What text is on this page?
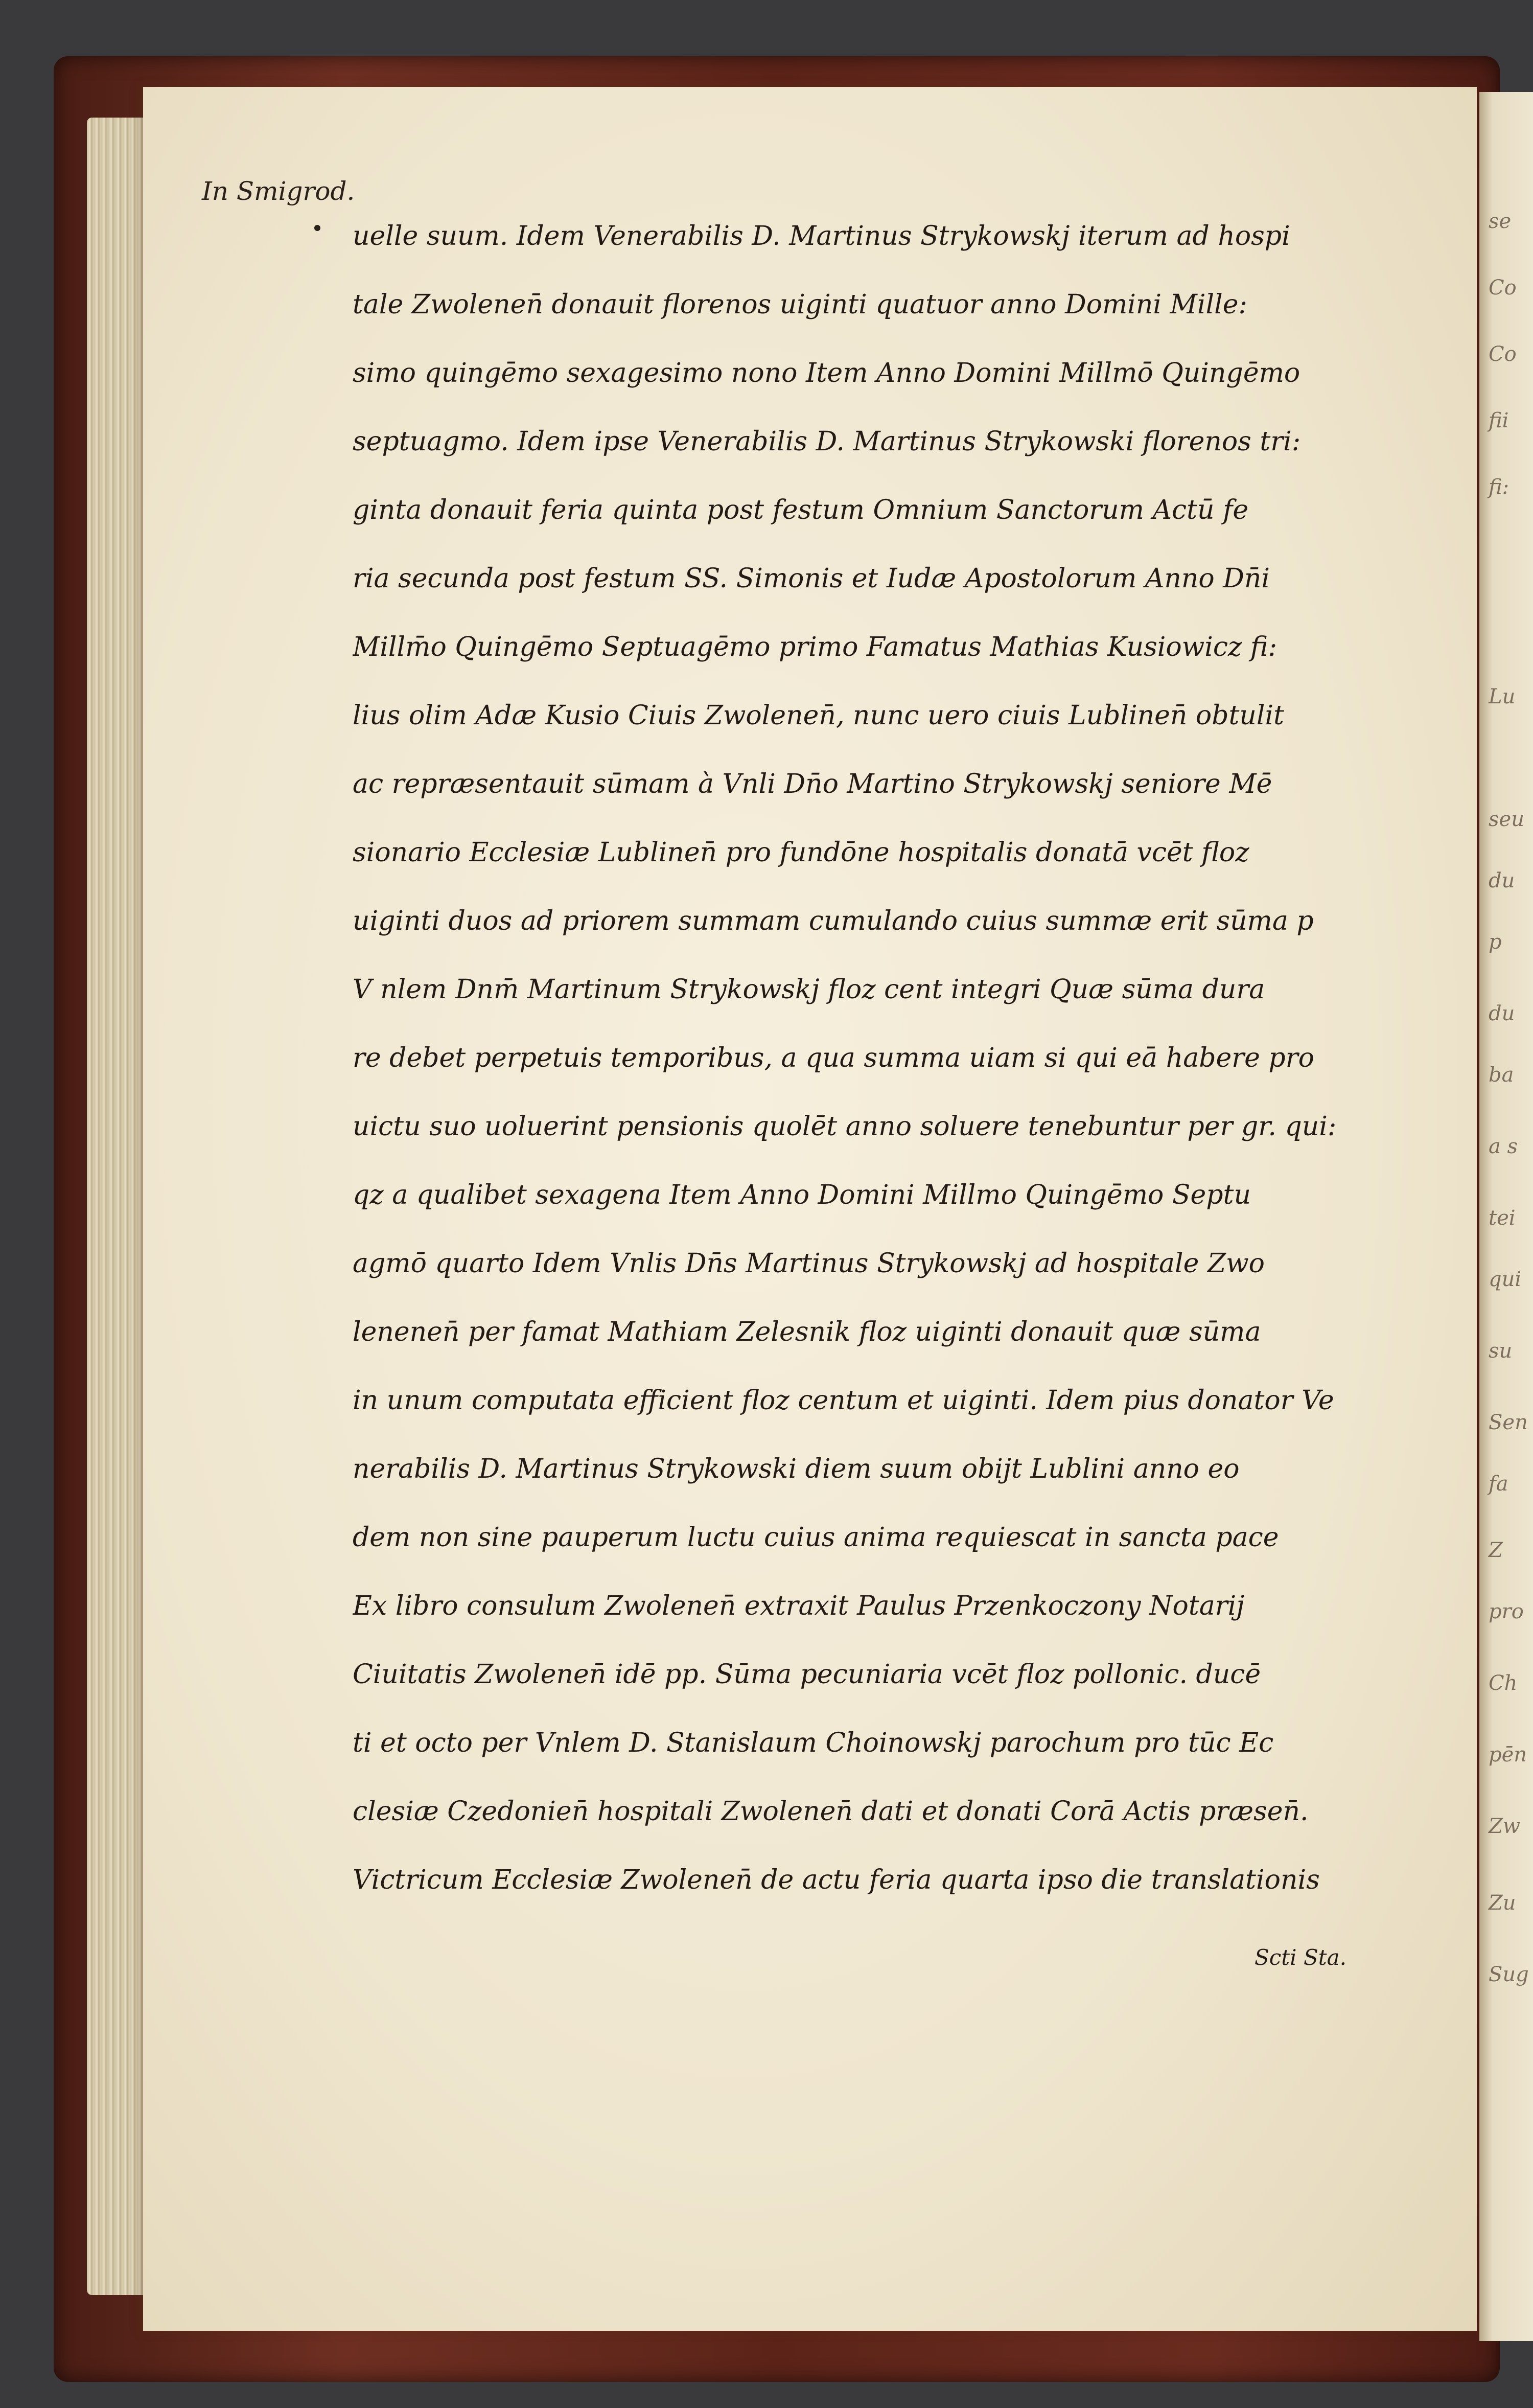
In Smigrod.
uelle suum. Idem Venerabilis D. Martinus Strykowskj iterum ad hospi
tale Zwolenen̄ donauit florenos uiginti quatuor anno Domini Mille:
simo quingēmo sexagesimo nono Item Anno Domini Millmō Quingēmo
septuagmo. Idem ipse Venerabilis D. Martinus Strykowski florenos tri:
ginta donauit feria quinta post festum Omnium Sanctorum Actū fe
ria secunda post festum SS. Simonis et Iudæ Apostolorum Anno Dn̄i
Millm̄o Quingēmo Septuagēmo primo Famatus Mathias Kusiowicz fi:
lius olim Adæ Kusio Ciuis Zwolenen̄, nunc uero ciuis Lublinen̄ obtulit
ac repræsentauit sūmam à Vnli Dn̄o Martino Strykowskj seniore Mē
sionario Ecclesiæ Lublinen̄ pro fundōne hospitalis donatā vcēt floz
uiginti duos ad priorem summam cumulando cuius summæ erit sūma p
V nlem Dnm̄ Martinum Strykowskj floz cent integri Quæ sūma dura
re debet perpetuis temporibus, a qua summa uiam si qui eā habere pro
uictu suo uoluerint pensionis quolēt anno soluere tenebuntur per gr. qui:
qz a qualibet sexagena Item Anno Domini Millmo Quingēmo Septu
agmō quarto Idem Vnlis Dn̄s Martinus Strykowskj ad hospitale Zwo
lenenen̄ per famat Mathiam Zelesnik floz uiginti donauit quæ sūma
in unum computata efficient floz centum et uiginti. Idem pius donator Ve
nerabilis D. Martinus Strykowski diem suum obijt Lublini anno eo
dem non sine pauperum luctu cuius anima requiescat in sancta pace
Ex libro consulum Zwolenen̄ extraxit Paulus Przenkoczony Notarij
Ciuitatis Zwolenen̄ idē pp. Sūma pecuniaria vcēt floz pollonic. ducē
ti et octo per Vnlem D. Stanislaum Choinowskj parochum pro tūc Ec
clesiæ Czedonien̄ hospitali Zwolenen̄ dati et donati Corā Actis præsen̄.
Victricum Ecclesiæ Zwolenen̄ de actu feria quarta ipso die translationis
Scti Sta.
se
Co
Co
fii
fi:
Lu
seu
du
p
du
ba
a s
tei
qui
su
Sen
fa
Z
pro
Ch
pēn
Zw
Zu
Sug
